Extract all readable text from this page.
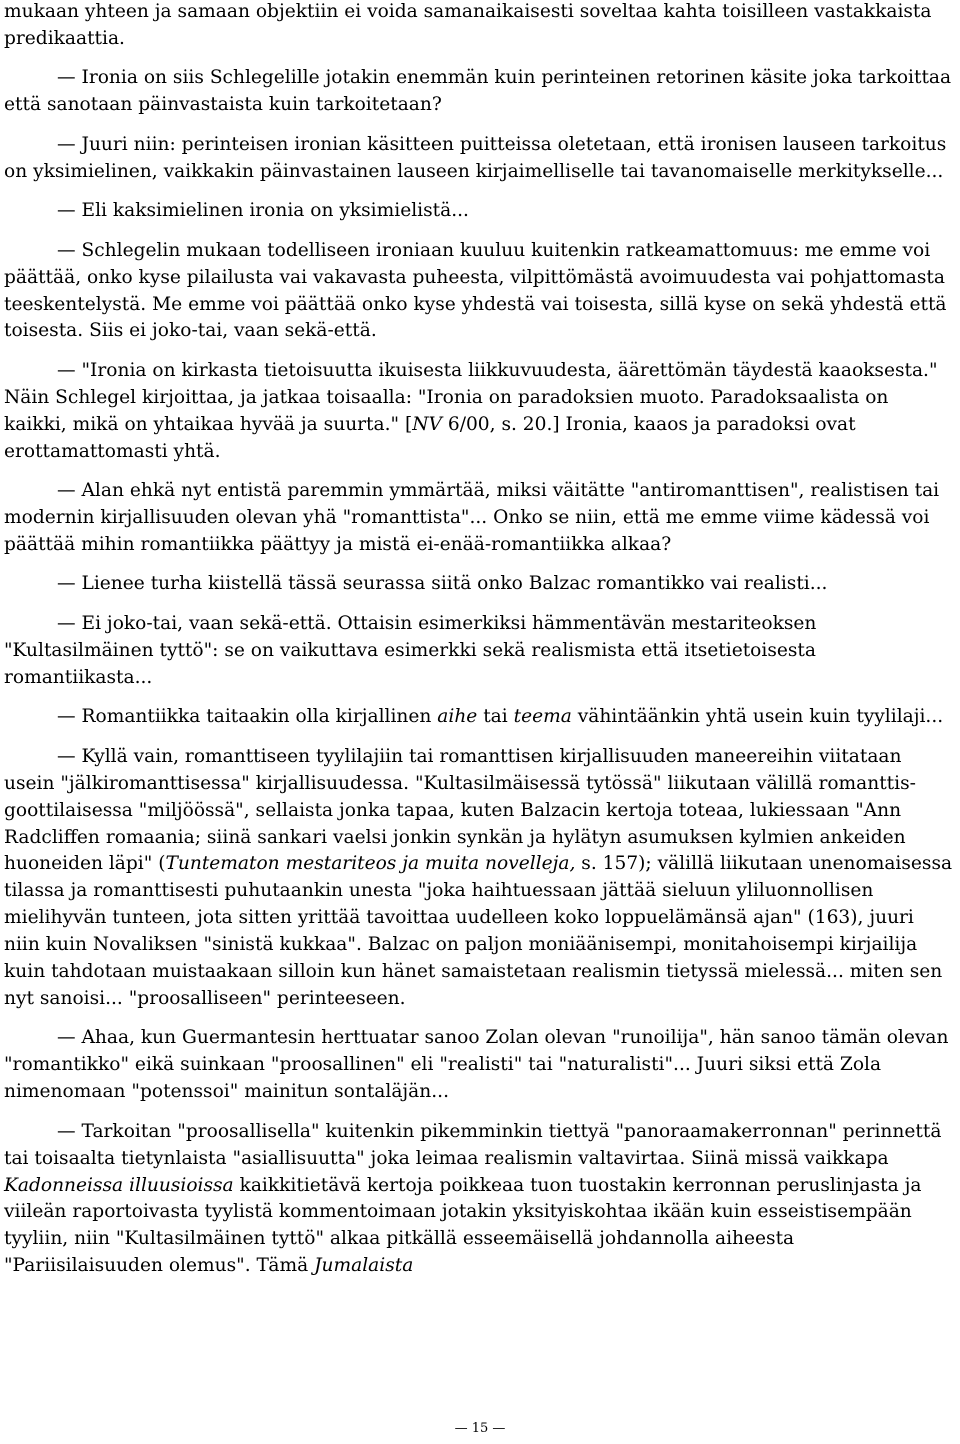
mukaan yhteen ja samaan objektiin ei voida samanaikaisesti soveltaa kahta toisilleen vastakkaista predikaattia.

— Ironia on siis Schlegelille jotakin enemmän kuin perinteinen retorinen käsite joka tarkoittaa että sanotaan päinvastaista kuin tarkoitetaan?

— Juuri niin: perinteisen ironian käsitteen puitteissa oletetaan, että ironisen lauseen tarkoitus on yksimielinen, vaikkakin päinvastainen lauseen kirjaimelliselle tai tavanomaiselle merkitykselle...

— Eli kaksimielinen ironia on yksimielistä...

— Schlegelin mukaan todelliseen ironiaan kuuluu kuitenkin ratkeamattomuus: me emme voi päättää, onko kyse pilailusta vai vakavasta puheesta, vilpittömästä avoimuudesta vai pohjattomasta teeskentelystä. Me emme voi päättää onko kyse yhdestä vai toisesta, sillä kyse on sekä yhdestä että toisesta. Siis ei joko-tai, vaan sekä-että.

— "Ironia on kirkasta tietoisuutta ikuisesta liikkuvuudesta, äärettömän täydestä kaaoksesta." Näin Schlegel kirjoittaa, ja jatkaa toisaalla: "Ironia on paradoksien muoto. Paradoksaalista on kaikki, mikä on yhtaikaa hyvää ja suurta." [NV 6/00, s. 20.] Ironia, kaaos ja paradoksi ovat erottamattomasti yhtä.

— Alan ehkä nyt entistä paremmin ymmärtää, miksi väitätte "antiromanttisen", realistisen tai modernin kirjallisuuden olevan yhä "romanttista"... Onko se niin, että me emme viime kädessä voi päättää mihin romantiikka päättyy ja mistä ei-enää-romantiikka alkaa?

— Lienee turha kiistellä tässä seurassa siitä onko Balzac romantikko vai realisti...

— Ei joko-tai, vaan sekä-että. Ottaisin esimerkiksi hämmentävän mestariteoksen "Kultasilmäinen tyttö": se on vaikuttava esimerkki sekä realismista että itsetietoisesta romantiikasta...

— Romantiikka taitaakin olla kirjallinen aihe tai teema vähintäänkin yhtä usein kuin tyylilaji...

— Kyllä vain, romanttiseen tyylilajiin tai romanttisen kirjallisuuden maneereihin viitataan usein "jälkiromanttisessa" kirjallisuudessa. "Kultasilmäisessä tytössä" liikutaan välillä romanttis-goottilaisessa "miljöössä", sellaista jonka tapaa, kuten Balzacin kertoja toteaa, lukiessaan "Ann Radcliffen romaania; siinä sankari vaelsi jonkin synkän ja hylätyn asumuksen kylmien ankeiden huoneiden läpi" (Tuntematon mestariteos ja muita novelleja, s. 157); välillä liikutaan unenomaisessa tilassa ja romanttisesti puhutaankin unesta "joka haihtuessaan jättää sieluun yliluonnollisen mielihyvän tunteen, jota sitten yrittää tavoittaa uudelleen koko loppuelämänsä ajan" (163), juuri niin kuin Novaliksen "sinistä kukkaa". Balzac on paljon moniäänisempi, monitahoisempi kirjailija kuin tahdotaan muistaakaan silloin kun hänet samaistetaan realismin tietyssä mielessä... miten sen nyt sanoisi... "proosalliseen" perinteeseen.

— Ahaa, kun Guermantesin herttuatar sanoo Zolan olevan "runoilija", hän sanoo tämän olevan "romantikko" eikä suinkaan "proosallinen" eli "realisti" tai "naturalisti"... Juuri siksi että Zola nimenomaan "potenssoi" mainitun sontaläjän...

— Tarkoitan "proosallisella" kuitenkin pikemminkin tiettyä "panoraamakerronnan" perinnettä tai toisaalta tietynlaista "asiallisuutta" joka leimaa realismin valtavirtaa. Siinä missä vaikkapa Kadonneissa illuusioissa kaikkitietävä kertoja poikkeaa tuon tuostakin kerronnan peruslinjasta ja viileän raportoivasta tyylistä kommentoimaan jotakin yksityiskohtaa ikään kuin esseistisempään tyyliin, niin "Kultasilmäinen tyttö" alkaa pitkällä esseemäisellä johdannolla aiheesta "Pariisilaisuuden olemus". Tämä Jumalaista

— 15 —
